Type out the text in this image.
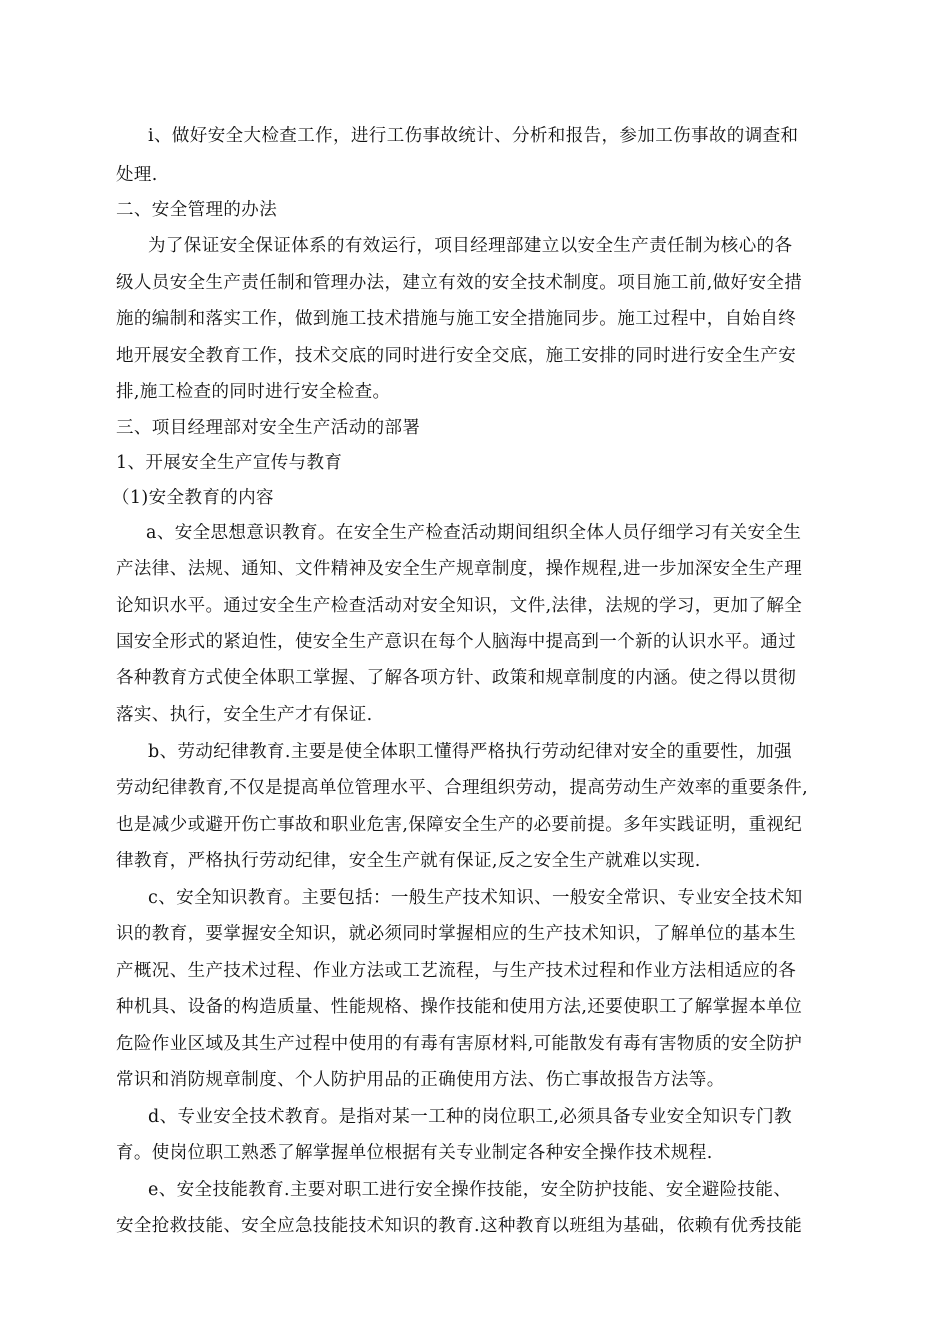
i、做好安全大检查工作，进行工伤事故统计、分析和报告，参加工伤事故的调查和
处理.
二、安全管理的办法
为了保证安全保证体系的有效运行，项目经理部建立以安全生产责任制为核心的各
级人员安全生产责任制和管理办法，建立有效的安全技术制度。项目施工前,做好安全措
施的编制和落实工作，做到施工技术措施与施工安全措施同步。施工过程中，自始自终
地开展安全教育工作，技术交底的同时进行安全交底，施工安排的同时进行安全生产安
排,施工检查的同时进行安全检查。
三、项目经理部对安全生产活动的部署
1、开展安全生产宣传与教育
（1)安全教育的内容
a、安全思想意识教育。在安全生产检查活动期间组织全体人员仔细学习有关安全生
产法律、法规、通知、文件精神及安全生产规章制度，操作规程,进一步加深安全生产理
论知识水平。通过安全生产检查活动对安全知识，文件,法律，法规的学习，更加了解全
国安全形式的紧迫性，使安全生产意识在每个人脑海中提高到一个新的认识水平。通过
各种教育方式使全体职工掌握、了解各项方针、政策和规章制度的内涵。使之得以贯彻
落实、执行，安全生产才有保证.
b、劳动纪律教育.主要是使全体职工懂得严格执行劳动纪律对安全的重要性，加强
劳动纪律教育,不仅是提高单位管理水平、合理组织劳动，提高劳动生产效率的重要条件,
也是减少或避开伤亡事故和职业危害,保障安全生产的必要前提。多年实践证明，重视纪
律教育，严格执行劳动纪律，安全生产就有保证,反之安全生产就难以实现.
c、安全知识教育。主要包括：一般生产技术知识、一般安全常识、专业安全技术知
识的教育，要掌握安全知识，就必须同时掌握相应的生产技术知识，了解单位的基本生
产概况、生产技术过程、作业方法或工艺流程，与生产技术过程和作业方法相适应的各
种机具、设备的构造质量、性能规格、操作技能和使用方法,还要使职工了解掌握本单位
危险作业区域及其生产过程中使用的有毒有害原材料,可能散发有毒有害物质的安全防护
常识和消防规章制度、个人防护用品的正确使用方法、伤亡事故报告方法等。
d、专业安全技术教育。是指对某一工种的岗位职工,必须具备专业安全知识专门教
育。使岗位职工熟悉了解掌握单位根据有关专业制定各种安全操作技术规程.
e、安全技能教育.主要对职工进行安全操作技能，安全防护技能、安全避险技能、
安全抢救技能、安全应急技能技术知识的教育.这种教育以班组为基础，依赖有优秀技能
